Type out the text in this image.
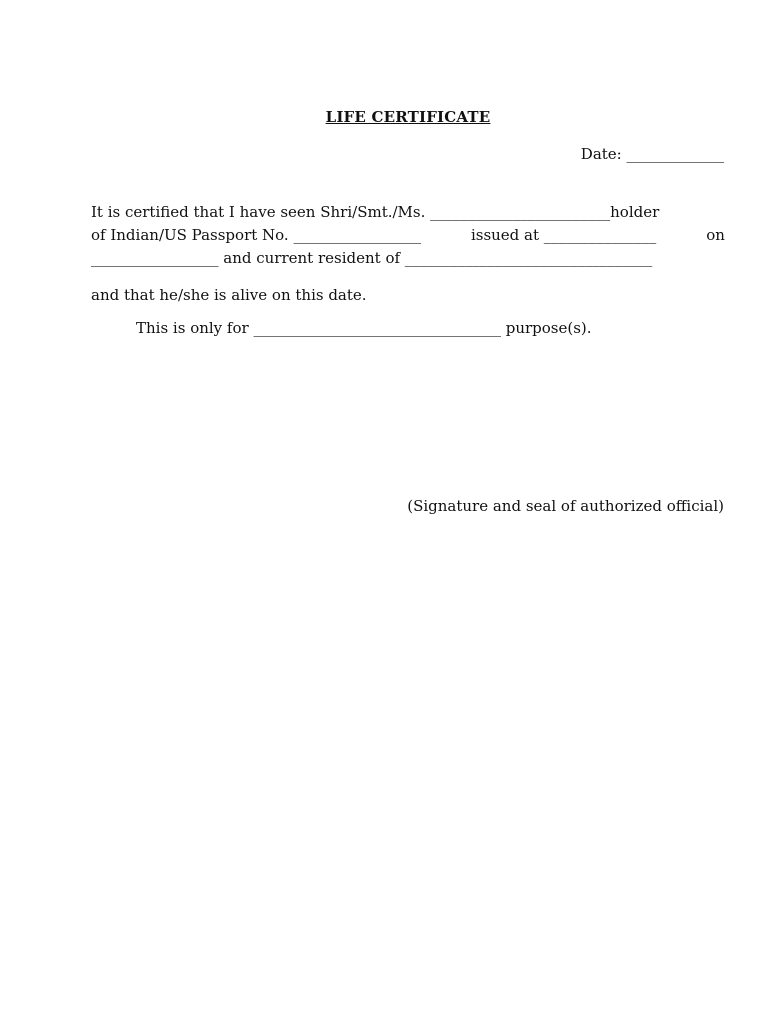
LIFE CERTIFICATE
Date: _____________
It is certified that I have seen Shri/Smt./Ms. ________________________holder
of Indian/US Passport No. _________________	issued at _______________	on
_________________ and current resident of _________________________________
and that he/she is alive on this date.
This is only for _________________________________ purpose(s).
(Signature and seal of authorized official)
